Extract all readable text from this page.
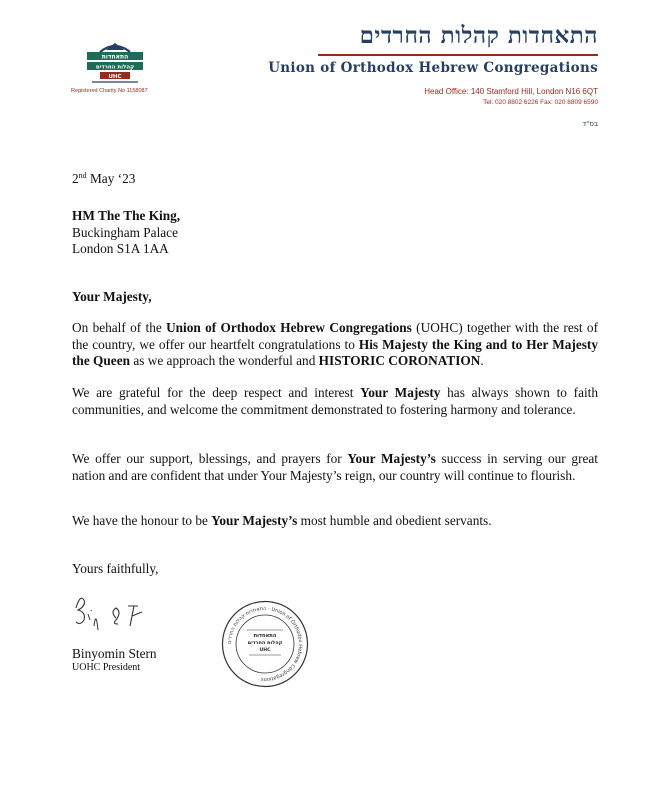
התאחדות
קהלות החרדים
UHC
Registered Charity No 1158087
התאחדות קהלות החרדים
Union of Orthodox Hebrew Congregations
Head Office: 140 Stamford Hill, London N16 6QT
Tel: 020 8802 6226 Fax: 020 8809 6590
בס"ד
2nd May ‘23
HM The The King,
Buckingham Palace
London S1A 1AA
Your Majesty,
On behalf of the Union of Orthodox Hebrew Congregations (UOHC) together with the rest of the country, we offer our heartfelt congratulations to His Majesty the King and to Her Majesty the Queen as we approach the wonderful and HISTORIC CORONATION.
We are grateful for the deep respect and interest Your Majesty has always shown to faith communities, and welcome the commitment demonstrated to fostering harmony and tolerance.
We offer our support, blessings, and prayers for Your Majesty’s success in serving our great nation and are confident that under Your Majesty’s reign, our country will continue to flourish.
We have the honour to be Your Majesty’s most humble and obedient servants.
Yours faithfully,
Binyomin Stern
UOHC President
התאחדות קהלות החרדים · Union of Orthodox Hebrew Congregations ·
התאחדות
קהלות החרדים
UHC
